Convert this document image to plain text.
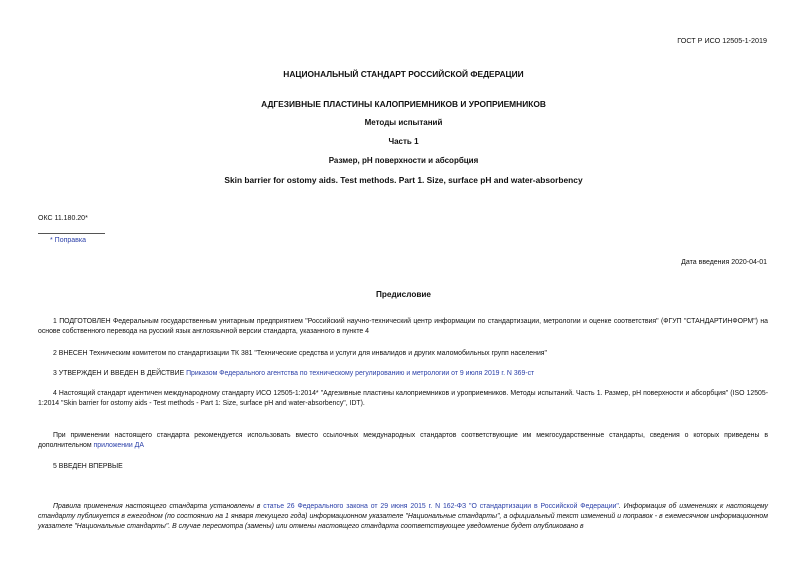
ГОСТ Р ИСО 12505-1-2019
НАЦИОНАЛЬНЫЙ СТАНДАРТ РОССИЙСКОЙ ФЕДЕРАЦИИ
АДГЕЗИВНЫЕ ПЛАСТИНЫ КАЛОПРИЕМНИКОВ И УРОПРИЕМНИКОВ
Методы испытаний
Часть 1
Размер, pH поверхности и абсорбция
Skin barrier for ostomy aids. Test methods. Part 1. Size, surface pH and water-absorbency
ОКС 11.180.20*
* Поправка
Дата введения 2020-04-01
Предисловие
1 ПОДГОТОВЛЕН Федеральным государственным унитарным предприятием "Российский научно-технический центр информации по стандартизации, метрологии и оценке соответствия" (ФГУП "СТАНДАРТИНФОРМ") на основе собственного перевода на русский язык англоязычной версии стандарта, указанного в пункте 4
2 ВНЕСЕН Техническим комитетом по стандартизации ТК 381 "Технические средства и услуги для инвалидов и других маломобильных групп населения"
3 УТВЕРЖДЕН И ВВЕДЕН В ДЕЙСТВИЕ Приказом Федерального агентства по техническому регулированию и метрологии от 9 июля 2019 г. N 369-ст
4 Настоящий стандарт идентичен международному стандарту ИСО 12505-1:2014* "Адгезивные пластины калоприемников и уроприемников. Методы испытаний. Часть 1. Размер, pH поверхности и абсорбция" (ISO 12505-1:2014 "Skin barrier for ostomy aids - Test methods - Part 1: Size, surface pH and water-absorbency", IDT).
При применении настоящего стандарта рекомендуется использовать вместо ссылочных международных стандартов соответствующие им межгосударственные стандарты, сведения о которых приведены в дополнительном приложении ДА
5 ВВЕДЕН ВПЕРВЫЕ
Правила применения настоящего стандарта установлены в статье 26 Федерального закона от 29 июня 2015 г. N 162-ФЗ "О стандартизации в Российской Федерации". Информация об изменениях к настоящему стандарту публикуется в ежегодном (по состоянию на 1 января текущего года) информационном указателе "Национальные стандарты", а официальный текст изменений и поправок - в ежемесячном информационном указателе "Национальные стандарты". В случае пересмотра (замены) или отмены настоящего стандарта соответствующее уведомление будет опубликовано в
